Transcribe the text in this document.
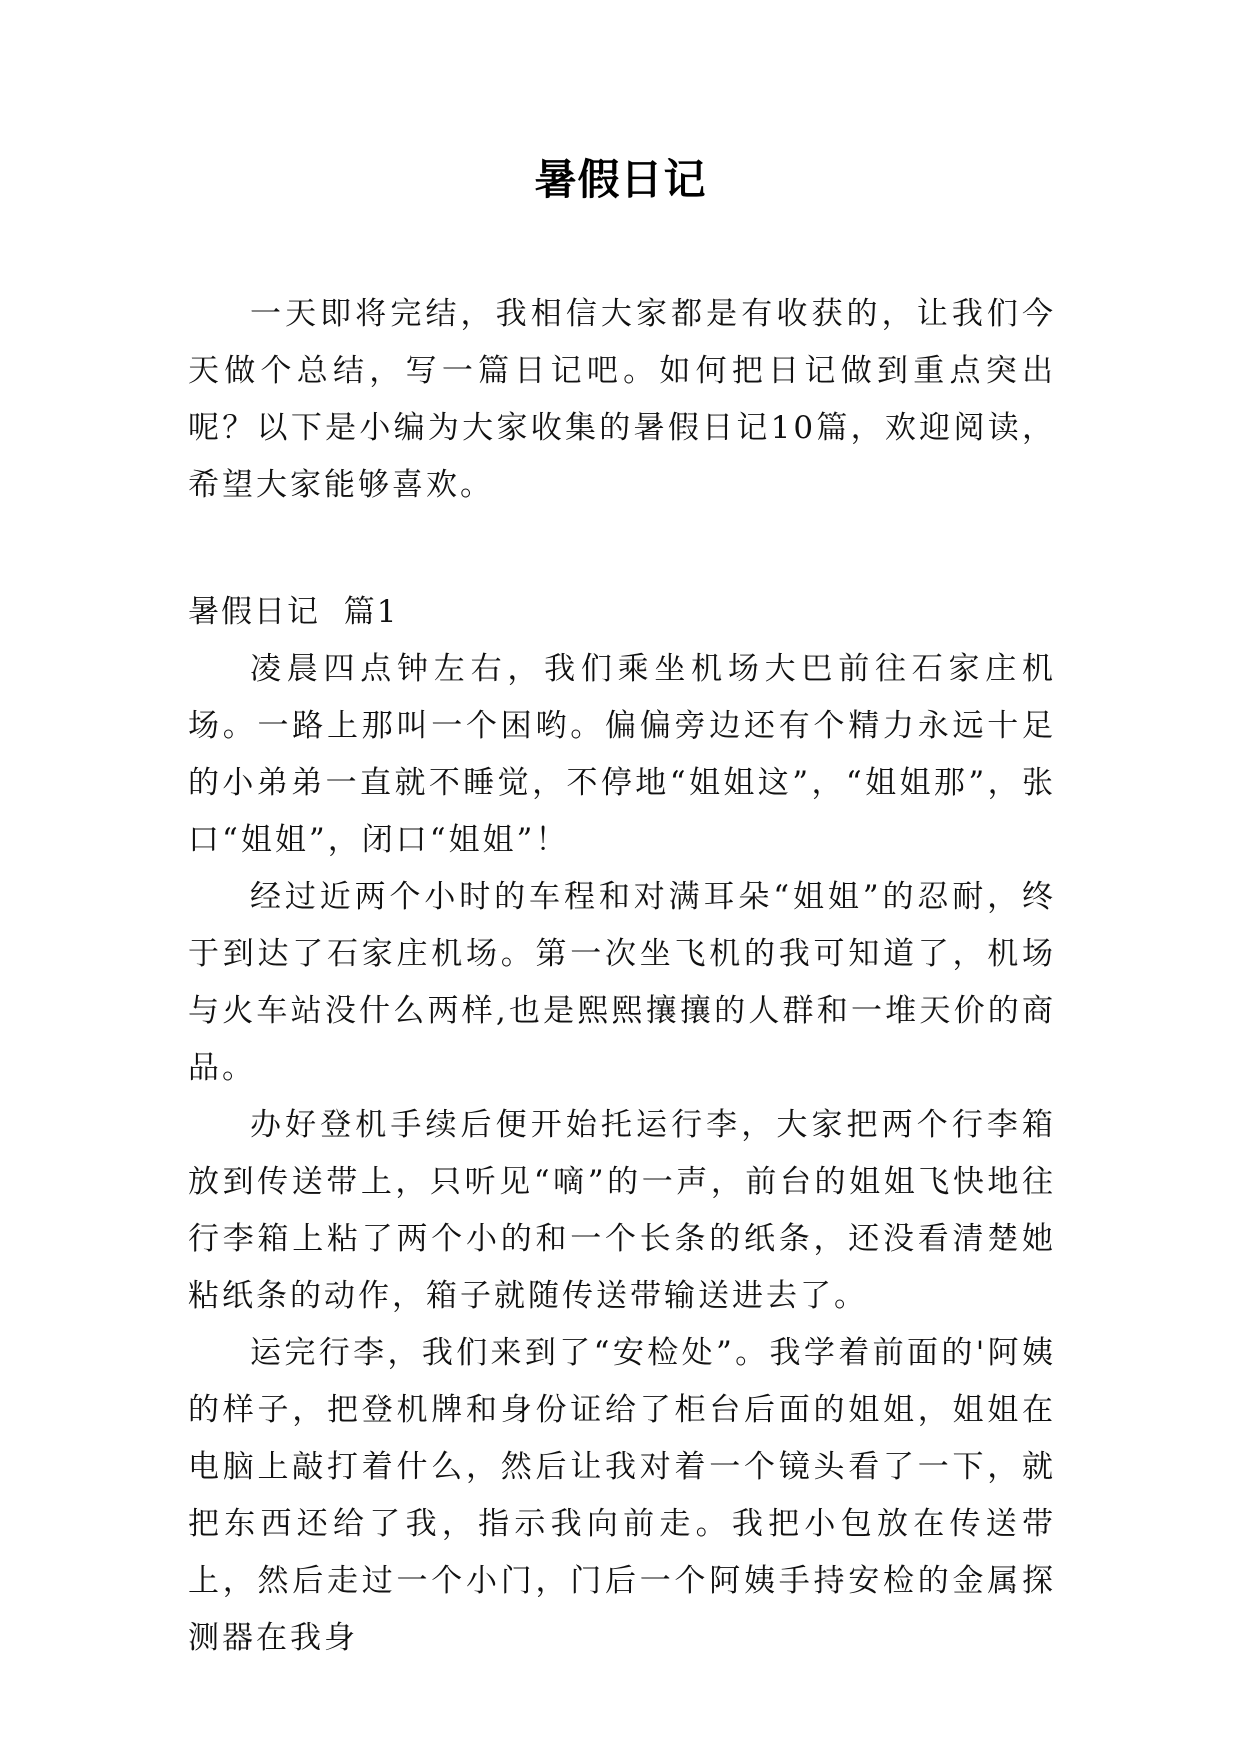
暑假日记

一天即将完结，我相信大家都是有收获的，让我们今天做个总结，写一篇日记吧。如何把日记做到重点突出呢？以下是小编为大家收集的暑假日记10篇，欢迎阅读，希望大家能够喜欢。

暑假日记  篇1

凌晨四点钟左右，我们乘坐机场大巴前往石家庄机场。一路上那叫一个困哟。偏偏旁边还有个精力永远十足的小弟弟一直就不睡觉，不停地“姐姐这”，“姐姐那”，张口“姐姐”，闭口“姐姐”！

经过近两个小时的车程和对满耳朵“姐姐”的忍耐，终于到达了石家庄机场。第一次坐飞机的我可知道了，机场与火车站没什么两样,也是熙熙攘攘的人群和一堆天价的商品。

办好登机手续后便开始托运行李，大家把两个行李箱放到传送带上，只听见“嘀”的一声，前台的姐姐飞快地往行李箱上粘了两个小的和一个长条的纸条，还没看清楚她粘纸条的动作，箱子就随传送带输送进去了。

运完行李，我们来到了“安检处”。我学着前面的'阿姨的样子，把登机牌和身份证给了柜台后面的姐姐，姐姐在电脑上敲打着什么，然后让我对着一个镜头看了一下，就把东西还给了我，指示我向前走。我把小包放在传送带上，然后走过一个小门，门后一个阿姨手持安检的金属探测器在我身
